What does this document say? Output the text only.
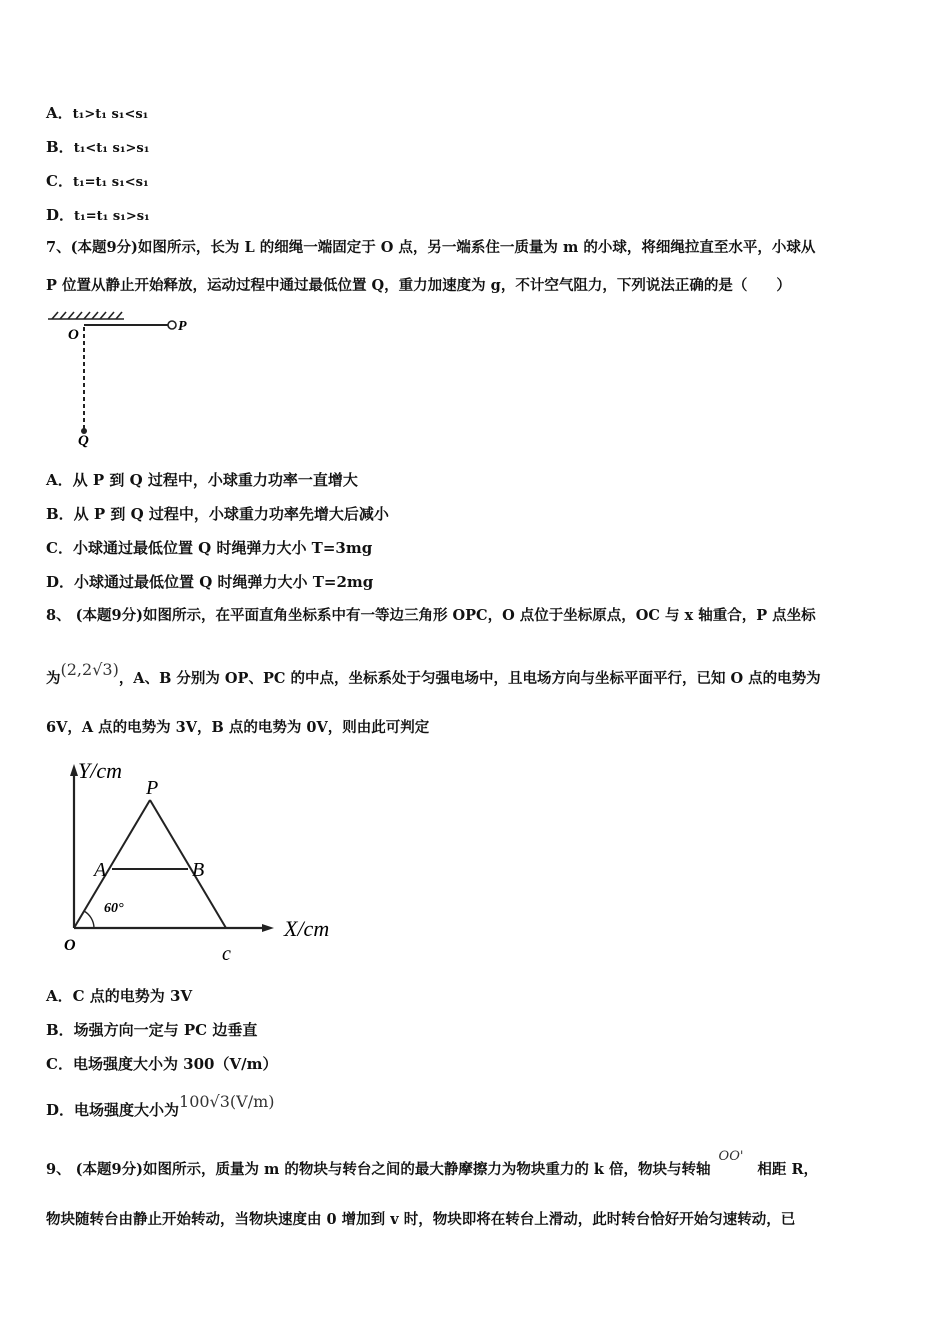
A．t₁>t₁ s₁<s₁
B．t₁<t₁ s₁>s₁
C．t₁=t₁ s₁<s₁
D．t₁=t₁ s₁>s₁
7、(本题9分)如图所示，长为 L 的细绳一端固定于 O 点，另一端系住一质量为 m 的小球，将细绳拉直至水平，小球从
P 位置从静止开始释放，运动过程中通过最低位置 Q，重力加速度为 g，不计空气阻力，下列说法正确的是（　　）
O
P
Q
A．从 P 到 Q 过程中，小球重力功率一直增大
B．从 P 到 Q 过程中，小球重力功率先增大后减小
C．小球通过最低位置 Q 时绳弹力大小 T=3mg
D．小球通过最低位置 Q 时绳弹力大小 T=2mg
8、 (本题9分)如图所示，在平面直角坐标系中有一等边三角形 OPC，O 点位于坐标原点，OC 与 x 轴重合，P 点坐标
为(2,2√3)，A、B 分别为 OP、PC 的中点，坐标系处于匀强电场中，且电场方向与坐标平面平行，已知 O 点的电势为
6V，A 点的电势为 3V，B 点的电势为 0V，则由此可判定
Y/cm
X/cm
P
A	B
O	c
60°
A．C 点的电势为 3V
B．场强方向一定与 PC 边垂直
C．电场强度大小为 300（V/m）
D．电场强度大小为100√3(V/m)
9、 (本题9分)如图所示，质量为 m 的物块与转台之间的最大静摩擦力为物块重力的 k 倍，物块与转轴OO'相距 R，
物块随转台由静止开始转动，当物块速度由 0 增加到 v 时，物块即将在转台上滑动，此时转台恰好开始匀速转动，已
